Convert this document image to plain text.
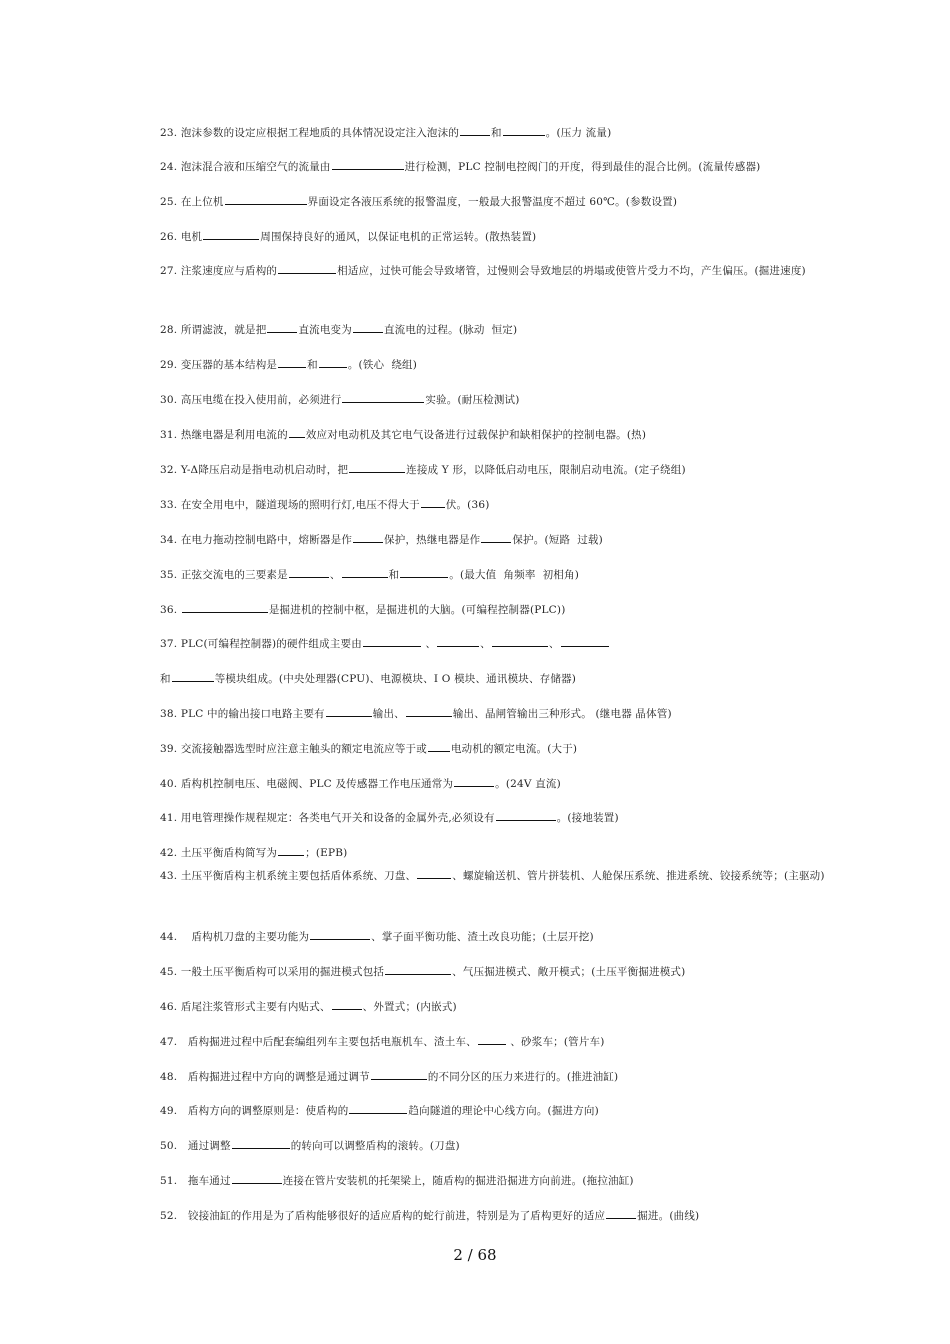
23. 泡沫参数的设定应根据工程地质的具体情况设定注入泡沫的	和	。(压力 流量)
24. 泡沫混合液和压缩空气的流量由	进行检测，PLC 控制电控阀门的开度，得到最佳的混合比例。(流量传感器)
25. 在上位机	界面设定各液压系统的报警温度，一般最大报警温度不超过 60℃。(参数设置)
26. 电机	周围保持良好的通风，以保证电机的正常运转。(散热装置)
27. 注浆速度应与盾构的	相适应，过快可能会导致堵管，过慢则会导致地层的坍塌或使管片受力不均，产生偏压。(掘进速度)
28. 所谓滤波，就是把	直流电变为	直流电的过程。(脉动  恒定)
29. 变压器的基本结构是	和	。(铁心  绕组)
30. 高压电缆在投入使用前，必须进行	实验。(耐压检测试)
31. 热继电器是利用电流的 效应对电动机及其它电气设备进行过载保护和缺相保护的控制电器。(热)
32. Y-Δ降压启动是指电动机启动时，把	连接成 Y 形，以降低启动电压，限制启动电流。(定子绕组)
33. 在安全用电中，隧道现场的照明行灯,电压不得大于 伏。(36)
34. 在电力拖动控制电路中，熔断器是作	保护，热继电器是作	保护。(短路  过载)
35. 正弦交流电的三要素是	、	和	。(最大值  角频率  初相角)
36.	是掘进机的控制中枢，是掘进机的大脑。(可编程控制器(PLC))
37. PLC(可编程控制器)的硬件组成主要由	、	、	、
和	等模块组成。(中央处理器(CPU)、电源模块、I O 模块、通讯模块、存储器)
38. PLC 中的输出接口电路主要有	输出、	输出、晶闸管输出三种形式。 (继电器 晶体管)
39. 交流接触器选型时应注意主触头的额定电流应等于或 电动机的额定电流。(大于)
40. 盾构机控制电压、电磁阀、PLC 及传感器工作电压通常为	。(24V 直流)
41. 用电管理操作规程规定：各类电气开关和设备的金属外壳,必须设有	。(接地装置)
42. 土压平衡盾构简写为	；(EPB)
43. 土压平衡盾构主机系统主要包括盾体系统、刀盘、	、螺旋输送机、管片拼装机、人舱保压系统、推进系统、铰接系统等；(主驱动)
44.    盾构机刀盘的主要功能为	、掌子面平衡功能、渣土改良功能；(土层开挖)
45. 一般土压平衡盾构可以采用的掘进模式包括	、气压掘进模式、敞开模式；(土压平衡掘进模式)
46. 盾尾注浆管形式主要有内贴式、	、外置式；(内嵌式)
47.   盾构掘进过程中后配套编组列车主要包括电瓶机车、渣土车、	、砂浆车；(管片车)
48.   盾构掘进过程中方向的调整是通过调节	的不同分区的压力来进行的。(推进油缸)
49.   盾构方向的调整原则是：使盾构的	趋向隧道的理论中心线方向。(掘进方向)
50.   通过调整	的转向可以调整盾构的滚转。(刀盘)
51.   拖车通过	连接在管片安装机的托架梁上，随盾构的掘进沿掘进方向前进。(拖拉油缸)
52.   铰接油缸的作用是为了盾构能够很好的适应盾构的蛇行前进，特别是为了盾构更好的适应	掘进。(曲线)
2 / 68
